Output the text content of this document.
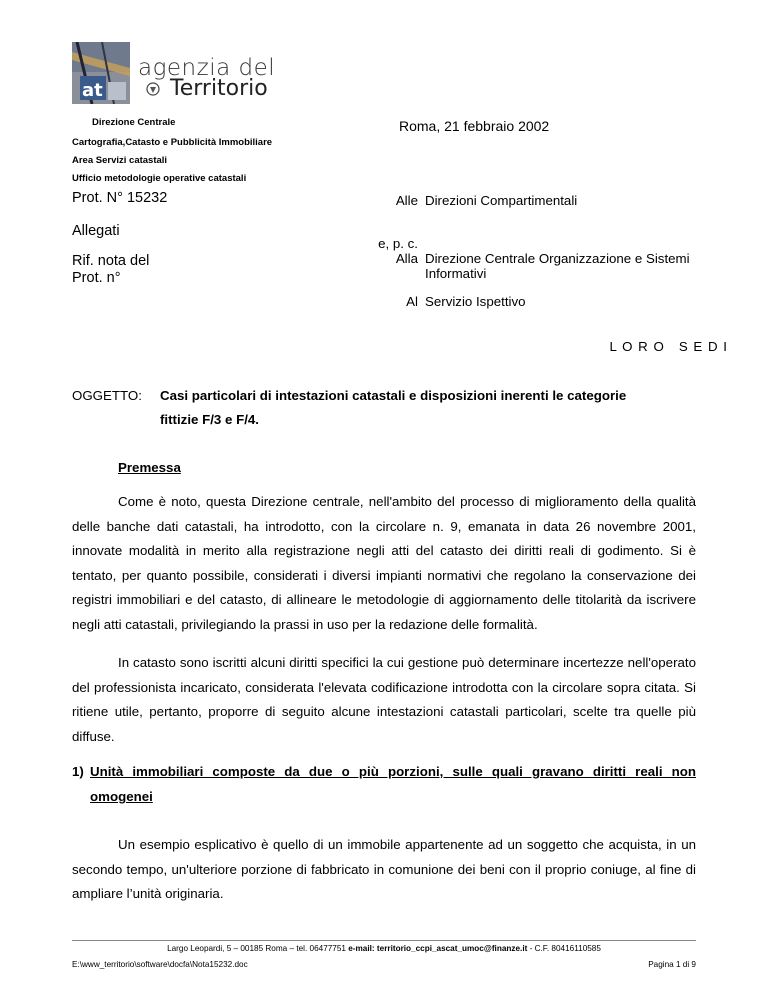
at
agenzia del
Territorio
Direzione Centrale
Cartografia,Catasto e Pubblicità Immobiliare
Area Servizi catastali
Ufficio metodologie operative catastali
Prot. N° 15232
Allegati
Rif. nota del
Prot. n°
Roma, 21 febbraio 2002
Alle Direzioni Compartimentali
e, p. c.
Alla Direzione Centrale Organizzazione e Sistemi
Informativi
Al Servizio Ispettivo
L O R O   S E D I
OGGETTO: Casi particolari di intestazioni catastali e disposizioni inerenti le categorie
fittizie F/3 e F/4.
Premessa
Come è noto, questa Direzione centrale, nell'ambito del processo di miglioramento della qualità delle banche dati catastali, ha introdotto, con la circolare n. 9, emanata in data 26 novembre 2001, innovate modalità in merito alla registrazione negli atti del catasto dei diritti reali di godimento. Si è tentato, per quanto possibile, considerati i diversi impianti normativi che regolano la conservazione dei registri immobiliari e del catasto, di allineare le metodologie di aggiornamento delle titolarità da iscrivere negli atti catastali, privilegiando la prassi in uso per la redazione delle formalità.
In catasto sono iscritti alcuni diritti specifici la cui gestione può determinare incertezze nell'operato del professionista incaricato, considerata l'elevata codificazione introdotta con la circolare sopra citata. Si ritiene utile, pertanto, proporre di seguito alcune intestazioni catastali particolari, scelte tra quelle più diffuse.
1) Unità immobiliari composte da due o più porzioni, sulle quali gravano diritti reali non
omogenei
Un esempio esplicativo è quello di un immobile appartenente ad un soggetto che acquista, in un secondo tempo, un'ulteriore porzione di fabbricato in comunione dei beni con il proprio coniuge, al fine di ampliare l’unità originaria.
Largo Leopardi, 5 – 00185 Roma – tel. 06477751 e-mail: territorio_ccpi_ascat_umoc@finanze.it - C.F. 80416110585
E:\www_territorio\software\docfa\Nota15232.doc	Pagina 1 di 9
